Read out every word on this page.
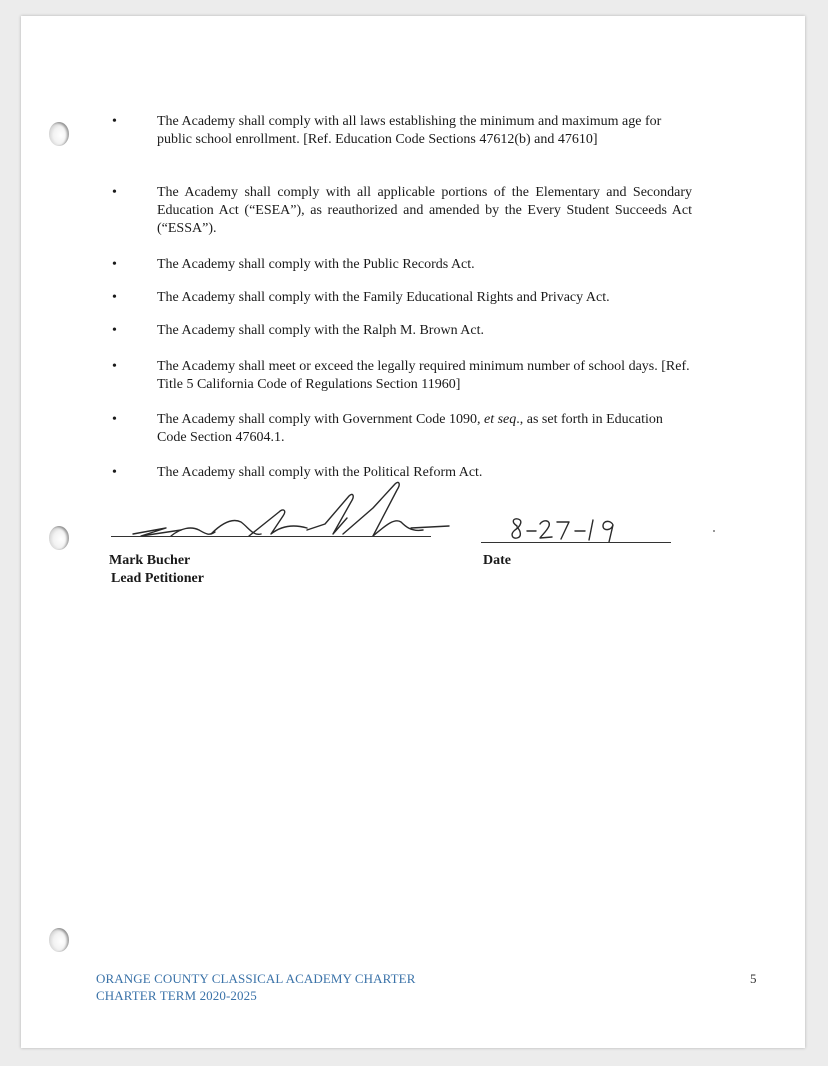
•	The Academy shall comply with all laws establishing the minimum and maximum age for public school enrollment. [Ref. Education Code Sections 47612(b) and 47610]
•	The Academy shall comply with all applicable portions of the Elementary and Secondary Education Act (“ESEA”), as reauthorized and amended by the Every Student Succeeds Act (“ESSA”).
•	The Academy shall comply with the Public Records Act.
•	The Academy shall comply with the Family Educational Rights and Privacy Act.
•	The Academy shall comply with the Ralph M. Brown Act.
•	The Academy shall meet or exceed the legally required minimum number of school days. [Ref. Title 5 California Code of Regulations Section 11960]
•	The Academy shall comply with Government Code 1090, et seq., as set forth in Education Code Section 47604.1.
•	The Academy shall comply with the Political Reform Act.
Mark Bucher
Lead Petitioner
Date
ORANGE COUNTY CLASSICAL ACADEMY CHARTER
CHARTER TERM 2020-2025
5
